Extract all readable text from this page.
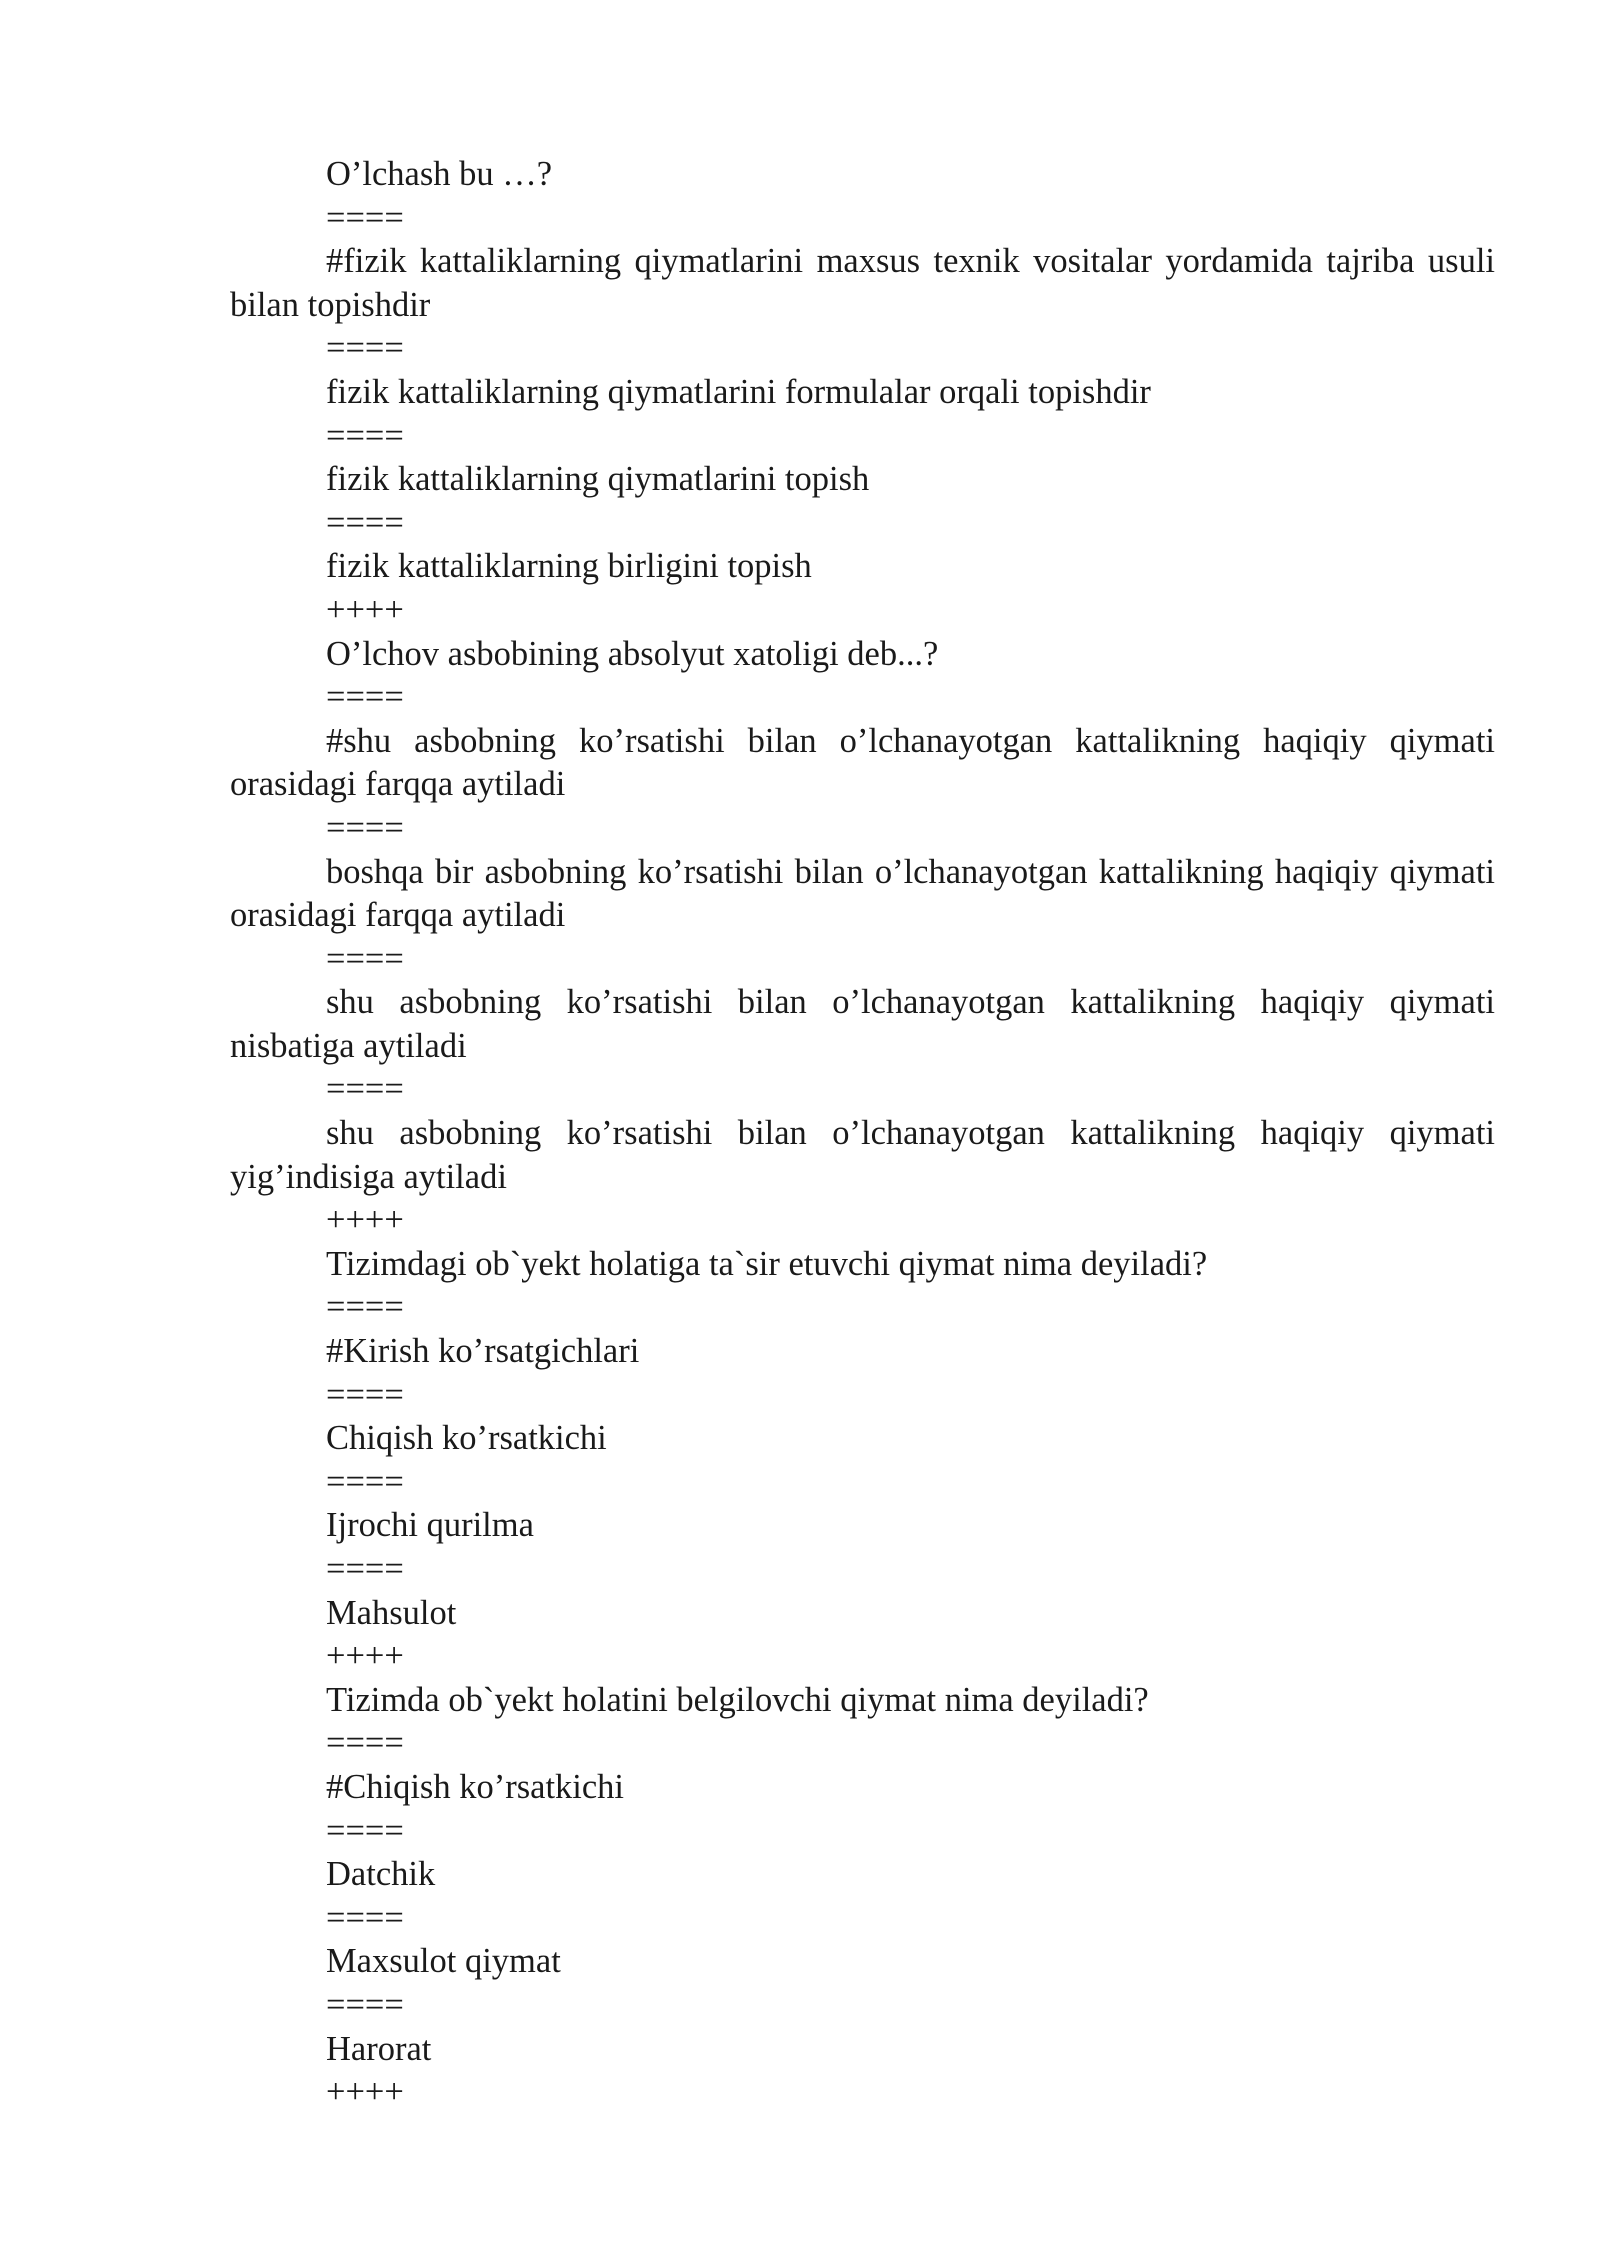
O’lchash bu …?

====

#fizik kattaliklarning qiymatlarini maxsus texnik vositalar yordamida tajriba usuli bilan topishdir

====

fizik kattaliklarning qiymatlarini formulalar orqali topishdir

====

fizik kattaliklarning qiymatlarini topish

====

fizik kattaliklarning birligini topish

++++

O’lchov asbobining absolyut xatoligi deb...?

====

#shu asbobning ko’rsatishi bilan o’lchanayotgan kattalikning haqiqiy qiymati orasidagi farqqa aytiladi

====

boshqa bir asbobning ko’rsatishi bilan o’lchanayotgan kattalikning haqiqiy qiymati orasidagi farqqa aytiladi

====

shu asbobning ko’rsatishi bilan o’lchanayotgan kattalikning haqiqiy qiymati nisbatiga aytiladi

====

shu asbobning ko’rsatishi bilan o’lchanayotgan kattalikning haqiqiy qiymati yig’indisiga aytiladi

++++

Tizimdagi ob`yekt holatiga ta`sir etuvchi qiymat nima deyiladi?

====

#Kirish ko’rsatgichlari

====

Chiqish ko’rsatkichi

====

Ijrochi qurilma

====

Mahsulot

++++

Tizimda ob`yekt holatini belgilovchi qiymat nima deyiladi?

====

#Chiqish ko’rsatkichi

====

Datchik

====

Maxsulot qiymat

====

Harorat

++++
